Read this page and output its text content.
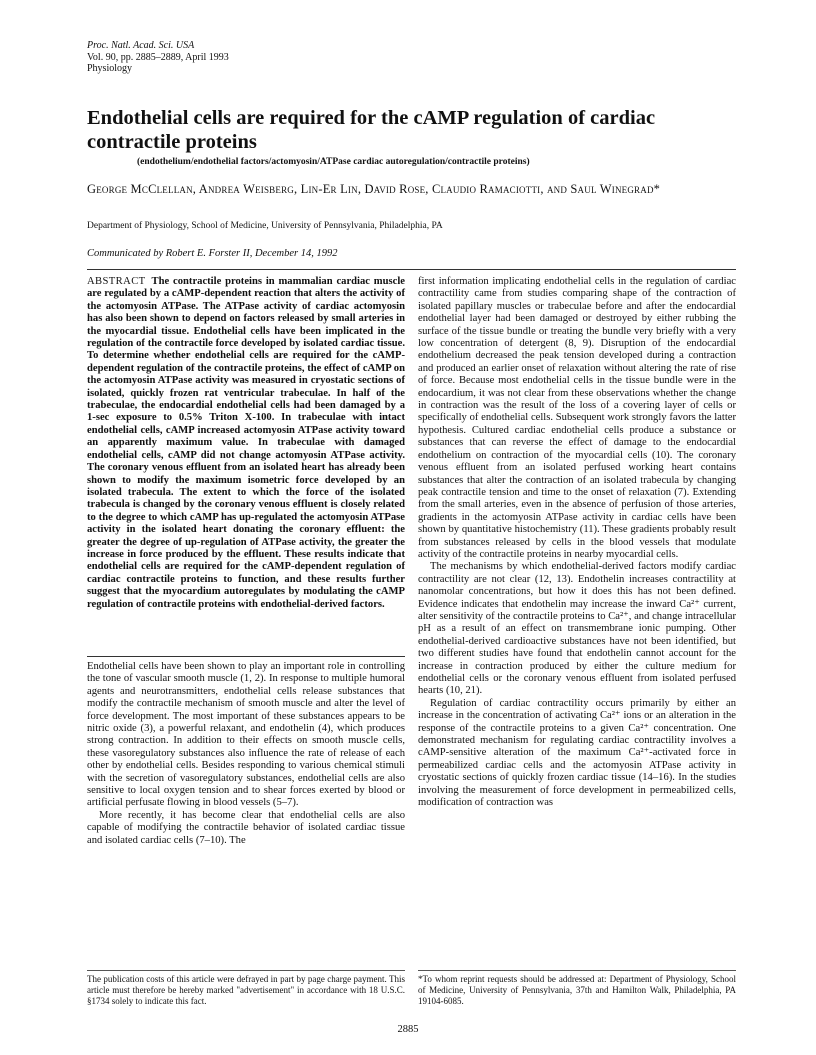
Proc. Natl. Acad. Sci. USA
Vol. 90, pp. 2885–2889, April 1993
Physiology
Endothelial cells are required for the cAMP regulation of cardiac contractile proteins
(endothelium/endothelial factors/actomyosin/ATPase cardiac autoregulation/contractile proteins)
George McClellan, Andrea Weisberg, Lin-Er Lin, David Rose, Claudio Ramaciotti, and Saul Winegrad*
Department of Physiology, School of Medicine, University of Pennsylvania, Philadelphia, PA
Communicated by Robert E. Forster II, December 14, 1992
ABSTRACT The contractile proteins in mammalian cardiac muscle are regulated by a cAMP-dependent reaction that alters the activity of the actomyosin ATPase. The ATPase activity of cardiac actomyosin has also been shown to depend on factors released by small arteries in the myocardial tissue. Endothelial cells have been implicated in the regulation of the contractile force developed by isolated cardiac tissue. To determine whether endothelial cells are required for the cAMP-dependent regulation of the contractile proteins, the effect of cAMP on the actomyosin ATPase activity was measured in cryostatic sections of isolated, quickly frozen rat ventricular trabeculae. In half of the trabeculae, the endocardial endothelial cells had been damaged by a 1-sec exposure to 0.5% Triton X-100. In trabeculae with intact endothelial cells, cAMP increased actomyosin ATPase activity toward an apparently maximum value. In trabeculae with damaged endothelial cells, cAMP did not change actomyosin ATPase activity. The coronary venous effluent from an isolated heart has already been shown to modify the maximum isometric force developed by an isolated trabecula. The extent to which the force of the isolated trabecula is changed by the coronary venous effluent is closely related to the degree to which cAMP has up-regulated the actomyosin ATPase activity in the isolated heart donating the coronary effluent: the greater the degree of up-regulation of ATPase activity, the greater the increase in force produced by the effluent. These results indicate that endothelial cells are required for the cAMP-dependent regulation of cardiac contractile proteins to function, and these results further suggest that the myocardium autoregulates by modulating the cAMP regulation of contractile proteins with endothelial-derived factors.

Endothelial cells have been shown to play an important role in controlling the tone of vascular smooth muscle (1, 2). In response to multiple humoral agents and neurotransmitters, endothelial cells release substances that modify the contractile mechanism of smooth muscle and alter the level of force development. The most important of these substances appears to be nitric oxide (3), a powerful relaxant, and endothelin (4), which produces strong contraction. In addition to their effects on smooth muscle cells, these vasoregulatory substances also influence the rate of release of each other by endothelial cells. Besides responding to various chemical stimuli with the secretion of vasoregulatory substances, endothelial cells are also sensitive to local oxygen tension and to shear forces exerted by blood or artificial perfusate flowing in blood vessels (5–7).

More recently, it has become clear that endothelial cells are also capable of modifying the contractile behavior of isolated cardiac tissue and isolated cardiac cells (7–10). The

first information implicating endothelial cells in the regulation of cardiac contractility came from studies comparing shape of the contraction of isolated papillary muscles or trabeculae before and after the endocardial endothelial layer had been damaged or destroyed by either rubbing the surface of the tissue bundle or treating the bundle very briefly with a very low concentration of detergent (8, 9). Disruption of the endocardial endothelium decreased the peak tension developed during a contraction and produced an earlier onset of relaxation without altering the rate of rise of force. Because most endothelial cells in the tissue bundle were in the endocardium, it was not clear from these observations whether the change in contraction was the result of the loss of a covering layer of cells or specifically of endothelial cells. Subsequent work strongly favors the latter hypothesis. Cultured cardiac endothelial cells produce a substance or substances that can reverse the effect of damage to the endocardial endothelium on contraction of the myocardial cells (10). The coronary venous effluent from an isolated perfused working heart contains substances that alter the contraction of an isolated trabecula by changing peak contractile tension and time to the onset of relaxation (7). Extending from the small arteries, even in the absence of perfusion of those arteries, gradients in the actomyosin ATPase activity in cardiac cells have been shown by quantitative histochemistry (11). These gradients probably result from substances released by cells in the blood vessels that modulate activity of the contractile proteins in nearby myocardial cells.

The mechanisms by which endothelial-derived factors modify cardiac contractility are not clear (12, 13). Endothelin increases contractility at nanomolar concentrations, but how it does this has not been defined. Evidence indicates that endothelin may increase the inward Ca²⁺ current, alter sensitivity of the contractile proteins to Ca²⁺, and change intracellular pH as a result of an effect on transmembrane ionic pumping. Other endothelial-derived cardioactive substances have not been identified, but two different studies have found that endothelin cannot account for the increase in contraction produced by either the culture medium for endothelial cells or the coronary venous effluent from isolated perfused hearts (10, 21).

Regulation of cardiac contractility occurs primarily by either an increase in the concentration of activating Ca²⁺ ions or an alteration in the response of the contractile proteins to a given Ca²⁺ concentration. One demonstrated mechanism for regulating cardiac contractility involves a cAMP-sensitive alteration of the maximum Ca²⁺-activated force in permeabilized cardiac cells and the actomyosin ATPase activity in cryostatic sections of quickly frozen cardiac tissue (14–16). In the studies involving the measurement of force development in permeabilized cells, modification of contraction was

The publication costs of this article were defrayed in part by page charge payment. This article must therefore be hereby marked "advertisement" in accordance with 18 U.S.C. §1734 solely to indicate this fact.
*To whom reprint requests should be addressed at: Department of Physiology, School of Medicine, University of Pennsylvania, 37th and Hamilton Walk, Philadelphia, PA 19104-6085.
2885
